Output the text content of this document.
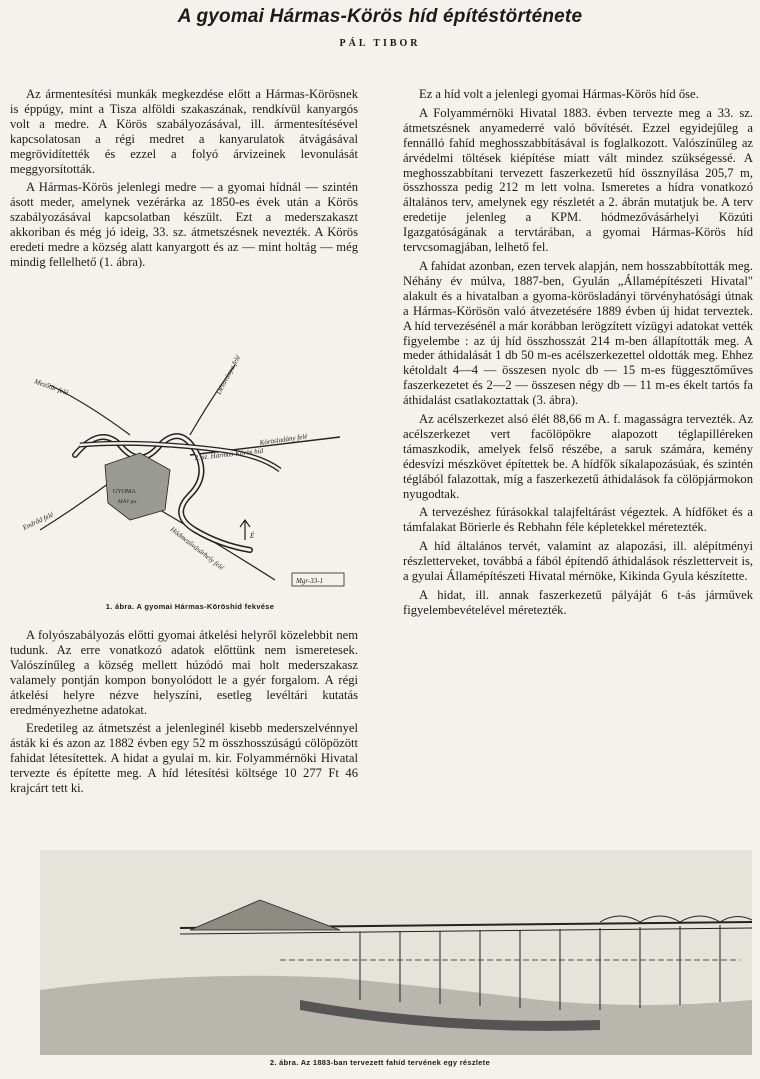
A gyomai Hármas-Körös híd építéstörténete
PÁL TIBOR

Az ármentesítési munkák megkezdése előtt a Hármas-Körösnek is éppúgy, mint a Tisza alföldi szakaszának, rendkívül kanyargós volt a medre. A Körös szabályozásával, ill. ármentesítésével kapcsolatosan a régi medret a kanyarulatok átvágásával megrövidítették és ezzel a folyó árvizeinek levonulását meggyorsították.

A Hármas-Körös jelenlegi medre — a gyomai hídnál — szintén ásott meder, amelynek vezérárka az 1850-es évek után a Körös szabályozásával kapcsolatban készült. Ezt a mederszakaszt akkoriban és még jó ideig, 33. sz. átmetszésnek nevezték. A Körös eredeti medre a község alatt kanyargott és az — mint holtág — még mindig fellelhető (1. ábra).

É
Mezőtúr felé	Dévaványa felé
Körösladány felé
2. sz. Hármas-Körös híd
Endrőd felé
GYOMA
MÁV pu.
Hódmezővásárhely felé
Mgr-33-1
1. ábra. A gyomai Hármas-Köröshíd fekvése

A folyószabályozás előtti gyomai átkelési helyről közelebbit nem tudunk. Az erre vonatkozó adatok előttünk nem ismeretesek. Valószínűleg a község mellett húzódó mai holt mederszakasz valamely pontján kompon bonyolódott le a gyér forgalom. A régi átkelési helyre nézve helyszíni, esetleg levéltári kutatás eredményezhetne adatokat.

Eredetileg az átmetszést a jelenleginél kisebb mederszelvénnyel ásták ki és azon az 1882 évben egy 52 m összhosszúságú cölöpözött fahidat létesítettek. A hidat a gyulai m. kir. Folyammérnöki Hivatal tervezte és építette meg. A híd létesítési költsége 10 277 Ft 46 krajcárt tett ki.

Ez a híd volt a jelenlegi gyomai Hármas-Körös híd őse.

A Folyammérnöki Hivatal 1883. évben tervezte meg a 33. sz. átmetszésnek anyamederré való bővítését. Ezzel egyidejűleg a fennálló fahíd meghosszabbításával is foglalkozott. Valószínűleg az árvédelmi töltések kiépítése miatt vált mindez szükségessé. A meghosszabbítani tervezett faszerkezetű híd össznyílása 205,7 m, összhossza pedig 212 m lett volna. Ismeretes a hídra vonatkozó általános terv, amelynek egy részletét a 2. ábrán mutatjuk be. A terv eredetije jelenleg a KPM. hódmezővásárhelyi Közúti Igazgatóságának a tervtárában, a gyomai Hármas-Körös híd tervcsomagjában, lelhető fel.

A fahídat azonban, ezen tervek alapján, nem hosszabbították meg. Néhány év múlva, 1887-ben, Gyulán „Államépítészeti Hivatal" alakult és a hivatalban a gyoma-körösladányi törvényhatósági útnak a Hármas-Körösön való átvezetésére 1889 évben új hidat terveztek. A híd tervezésénél a már korábban lerögzített vízügyi adatokat vették figyelembe : az új híd összhosszát 214 m-ben állapították meg. A meder áthidalását 1 db 50 m-es acélszerkezettel oldották meg. Ehhez kétoldalt 4—4 — összesen nyolc db — 15 m-es függesztőműves faszerkezetet és 2—2 — összesen négy db — 11 m-es ékelt tartós fa áthidalást csatlakoztattak (3. ábra).

Az acélszerkezet alsó élét 88,66 m A. f. magasságra tervezték. Az acélszerkezet vert facölöpökre alapozott téglapilléreken támaszkodik, amelyek felső részébe, a saruk számára, kemény édesvízi mészkövet építettek be. A hídfők síkalapozásúak, és szintén téglából falazottak, míg a faszerkezetű áthidalások fa cölöpjármokon nyugodtak.

A tervezéshez fúrásokkal talajfeltárást végeztek. A hídfőket és a támfalakat Börierle és Rebhahn féle képletekkel méretezték.

A híd általános tervét, valamint az alapozási, ill. alépítményi részletterveket, továbbá a fából építendő áthidalások részletterveit is, a gyulai Államépítészeti Hivatal mérnöke, Kikinda Gyula készítette.

A hidat, ill. annak faszerkezetű pályáját 6 t-ás járművek figyelembevételével méretezték.

2. ábra. Az 1883-ban tervezett fahíd tervének egy részlete
